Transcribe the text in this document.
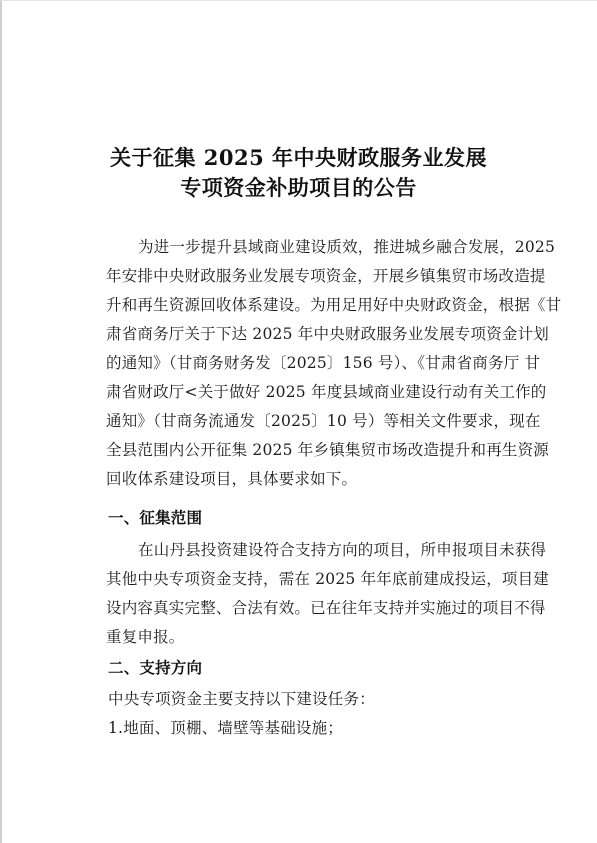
关于征集 2025 年中央财政服务业发展
专项资金补助项目的公告
为进一步提升县域商业建设质效，推进城乡融合发展，2025
年安排中央财政服务业发展专项资金，开展乡镇集贸市场改造提
升和再生资源回收体系建设。为用足用好中央财政资金，根据《甘
肃省商务厅关于下达 2025 年中央财政服务业发展专项资金计划
的通知》（甘商务财务发〔2025〕156 号）、《甘肃省商务厅 甘
肃省财政厅<关于做好 2025 年度县域商业建设行动有关工作的
通知》（甘商务流通发〔2025〕10 号）等相关文件要求，现在
全县范围内公开征集 2025 年乡镇集贸市场改造提升和再生资源
回收体系建设项目，具体要求如下。
一、征集范围
在山丹县投资建设符合支持方向的项目，所申报项目未获得
其他中央专项资金支持，需在 2025 年年底前建成投运，项目建
设内容真实完整、合法有效。已在往年支持并实施过的项目不得
重复申报。
二、支持方向
中央专项资金主要支持以下建设任务：
1.地面、顶棚、墙壁等基础设施；
